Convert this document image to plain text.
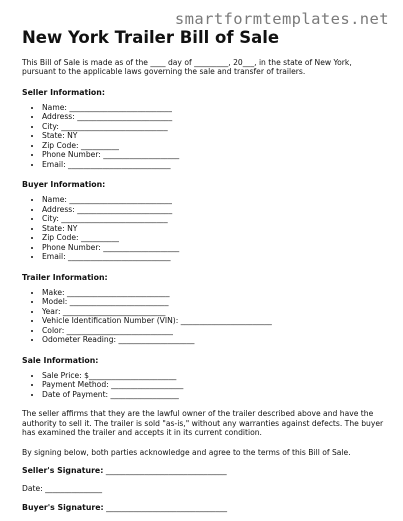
smartformtemplates.net
New York Trailer Bill of Sale

This Bill of Sale is made as of the ____ day of _________, 20___, in the state of New York, pursuant to the applicable laws governing the sale and transfer of trailers.

Seller Information:
• Name: ___________________________
• Address: _________________________
• City: ____________________________
• State: NY
• Zip Code: __________
• Phone Number: ____________________
• Email: ___________________________
Buyer Information:
• Name: ___________________________
• Address: _________________________
• City: ____________________________
• State: NY
• Zip Code: __________
• Phone Number: ____________________
• Email: ___________________________
Trailer Information:
• Make: ___________________________
• Model: __________________________
• Year: ___________________________
• Vehicle Identification Number (VIN): ________________________
• Color: ____________________________
• Odometer Reading: ____________________
Sale Information:
• Sale Price: $_______________________
• Payment Method: ___________________
• Date of Payment: __________________

The seller affirms that they are the lawful owner of the trailer described above and have the authority to sell it. The trailer is sold "as-is," without any warranties against defects. The buyer has examined the trailer and accepts it in its current condition.

By signing below, both parties acknowledge and agree to the terms of this Bill of Sale.

Seller's Signature: _______________________________
Date: _______________
Buyer's Signature: _______________________________
